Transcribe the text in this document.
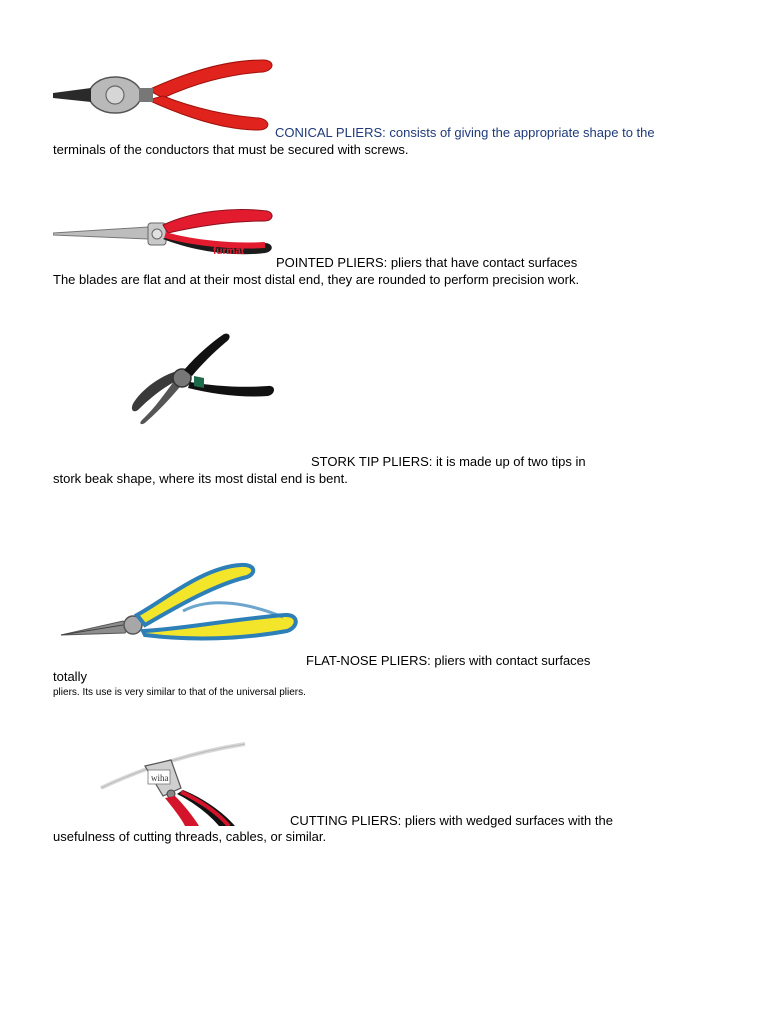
CONICAL PLIERS: consists of giving the appropriate shape to the
terminals of the conductors that must be secured with screws.
furmat
POINTED PLIERS: pliers that have contact surfaces
The blades are flat and at their most distal end, they are rounded to perform precision work.
STORK TIP PLIERS: it is made up of two tips in
stork beak shape, where its most distal end is bent.
FLAT-NOSE PLIERS: pliers with contact surfaces
totally
pliers. Its use is very similar to that of the universal pliers.
wiha
CUTTING PLIERS: pliers with wedged surfaces with the
usefulness of cutting threads, cables, or similar.
